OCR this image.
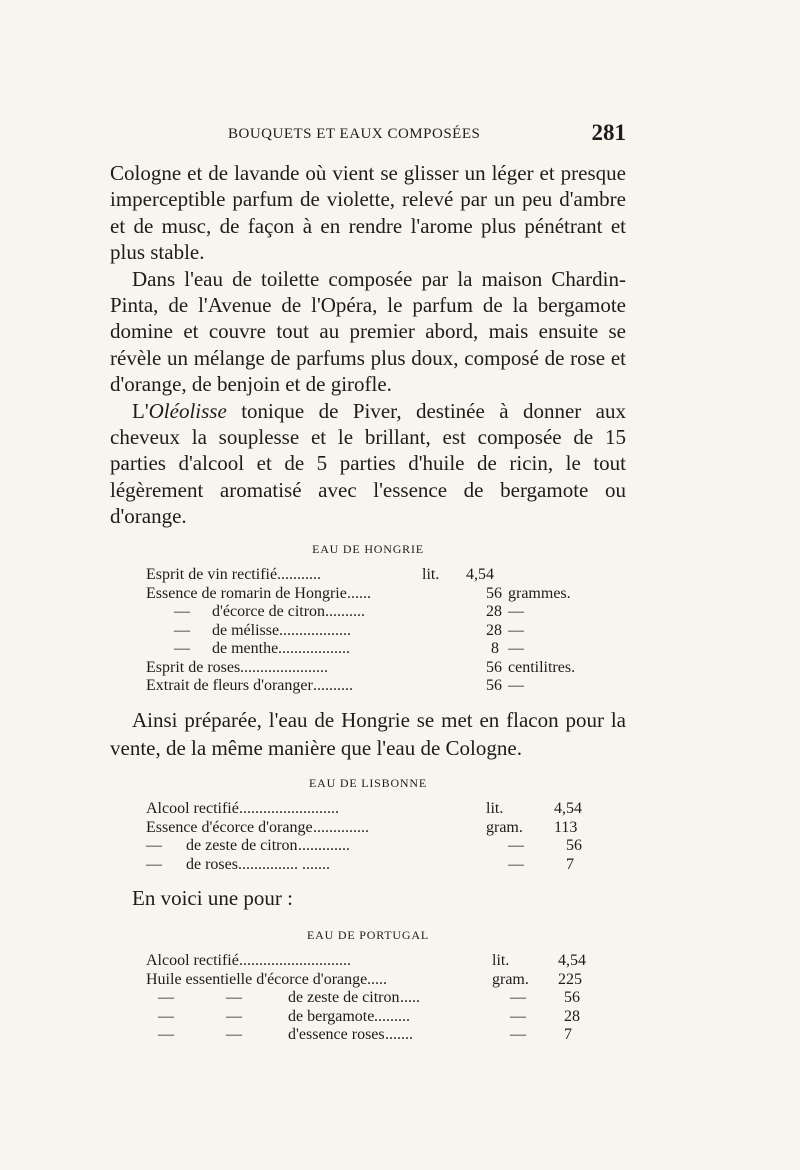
BOUQUETS ET EAUX COMPOSÉES	281

Cologne et de lavande où vient se glisser un léger et presque imperceptible parfum de violette, relevé par un peu d'ambre et de musc, de façon à en rendre l'arome plus pénétrant et plus stable.

Dans l'eau de toilette composée par la maison Chardin-Pinta, de l'Avenue de l'Opéra, le parfum de la bergamote domine et couvre tout au premier abord, mais ensuite se révèle un mélange de parfums plus doux, composé de rose et d'orange, de benjoin et de girofle.

L'Oléolisse tonique de Piver, destinée à donner aux cheveux la souplesse et le brillant, est composée de 15 parties d'alcool et de 5 parties d'huile de ricin, le tout légèrement aromatisé avec l'essence de bergamote ou d'orange.

EAU DE HONGRIE
Esprit de vin rectifié ...........	lit. 4,54
Essence de romarin de Hongrie ......	56 grammes.
— d'écorce de citron ..........	28 —
— de mélisse ..................	28 —
— de menthe ..................	8 —
Esprit de roses ......................	56 centilitres.
Extrait de fleurs d'oranger ..........	56 —

Ainsi préparée, l'eau de Hongrie se met en flacon pour la vente, de la même manière que l'eau de Cologne.

EAU DE LISBONNE
Alcool rectifié .........................	lit.	4,54
Essence d'écorce d'orange ..............	gram. 113
— de zeste de citron .............	—	56
— de roses ............... .......	—	7

En voici une pour :

EAU DE PORTUGAL
Alcool rectifié ............................	lit.	4,54
Huile essentielle d'écorce d'orange .....	gram. 225
—	—	de zeste de citron .....	— 56
—	—	de bergamote .........	— 28
—	—	d'essence roses .......	— 7
